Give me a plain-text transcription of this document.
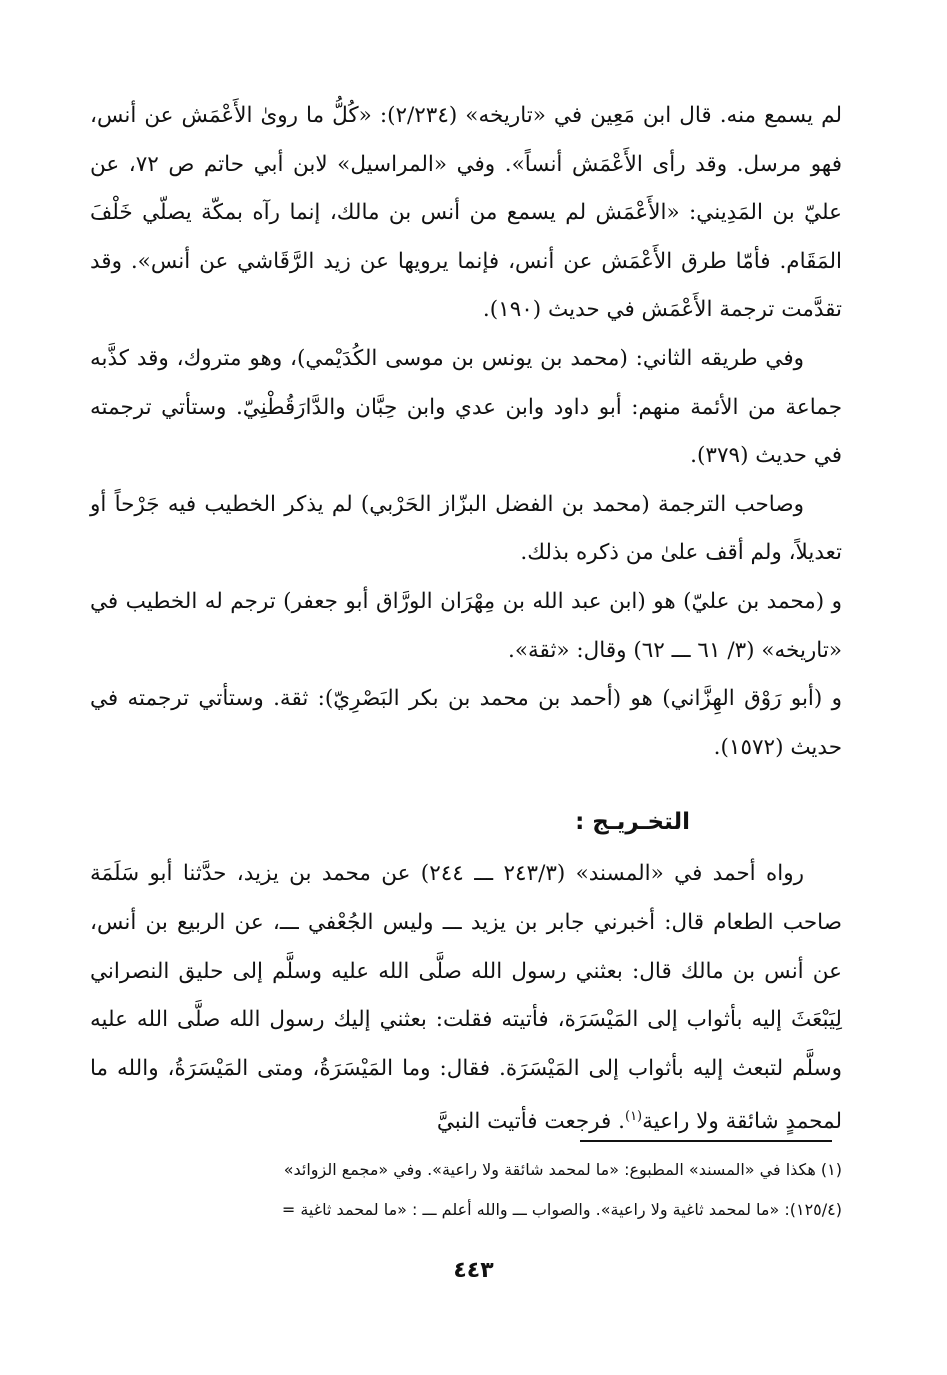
لم يسمع منه. قال ابن مَعِين في «تاريخه» (٢/٢٣٤): «كُلُّ ما روىٰ الأَعْمَش عن أنس، فهو مرسل. وقد رأى الأَعْمَش أنساً». وفي «المراسيل» لابن أبي حاتم ص ٧٢، عن عليّ بن المَدِيني: «الأَعْمَش لم يسمع من أنس بن مالك، إنما رآه بمكّة يصلّي خَلْفَ المَقَام. فأمّا طرق الأَعْمَش عن أنس، فإنما يرويها عن زيد الرَّقَاشي عن أنس». وقد تقدَّمت ترجمة الأَعْمَش في حديث (١٩٠).

وفي طريقه الثاني: (محمد بن يونس بن موسى الكُدَيْمي)، وهو متروك، وقد كذَّبه جماعة من الأئمة منهم: أبو داود وابن عدي وابن حِبَّان والدَّارَقُطْنِيّ. وستأتي ترجمته في حديث (٣٧٩).

وصاحب الترجمة (محمد بن الفضل البزّاز الحَرْبي) لم يذكر الخطيب فيه جَرْحاً أو تعديلاً، ولم أقف علىٰ من ذكره بذلك.

و (محمد بن عليّ) هو (ابن عبد الله بن مِهْرَان الورَّاق أبو جعفر) ترجم له الخطيب في «تاريخه» (٣/ ٦١ ـــ ٦٢) وقال: «ثقة».

و (أبو رَوْق الهِزَّاني) هو (أحمد بن محمد بن بكر البَصْرِيّ): ثقة. وستأتي ترجمته في حديث (١٥٧٢).

التخـريـج :

رواه أحمد في «المسند» (٢٤٣/٣ ـــ ٢٤٤) عن محمد بن يزيد، حدَّثنا أبو سَلَمَة صاحب الطعام قال: أخبرني جابر بن يزيد ـــ وليس الجُعْفي ـــ، عن الربيع بن أنس، عن أنس بن مالك قال: بعثني رسول الله صلَّى الله عليه وسلَّم إلى حليق النصراني لِيَبْعَثَ إليه بأثواب إلى المَيْسَرَة، فأتيته فقلت: بعثني إليك رسول الله صلَّى الله عليه وسلَّم لتبعث إليه بأثواب إلى المَيْسَرَة. فقال: وما المَيْسَرَةُ، ومتى المَيْسَرَةُ، والله ما لمحمدٍ شائقة ولا راعية$^{(١)}$. فرجعت فأتيت النبيَّ

(١) هكذا في «المسند» المطبوع: «ما لمحمد شائقة ولا راعية». وفي «مجمع الزوائد»

(١٢٥/٤): «ما لمحمد ثاغية ولا راعية». والصواب ـــ والله أعلم ـــ : «ما لمحمد ثاغية =

٤٤٣
